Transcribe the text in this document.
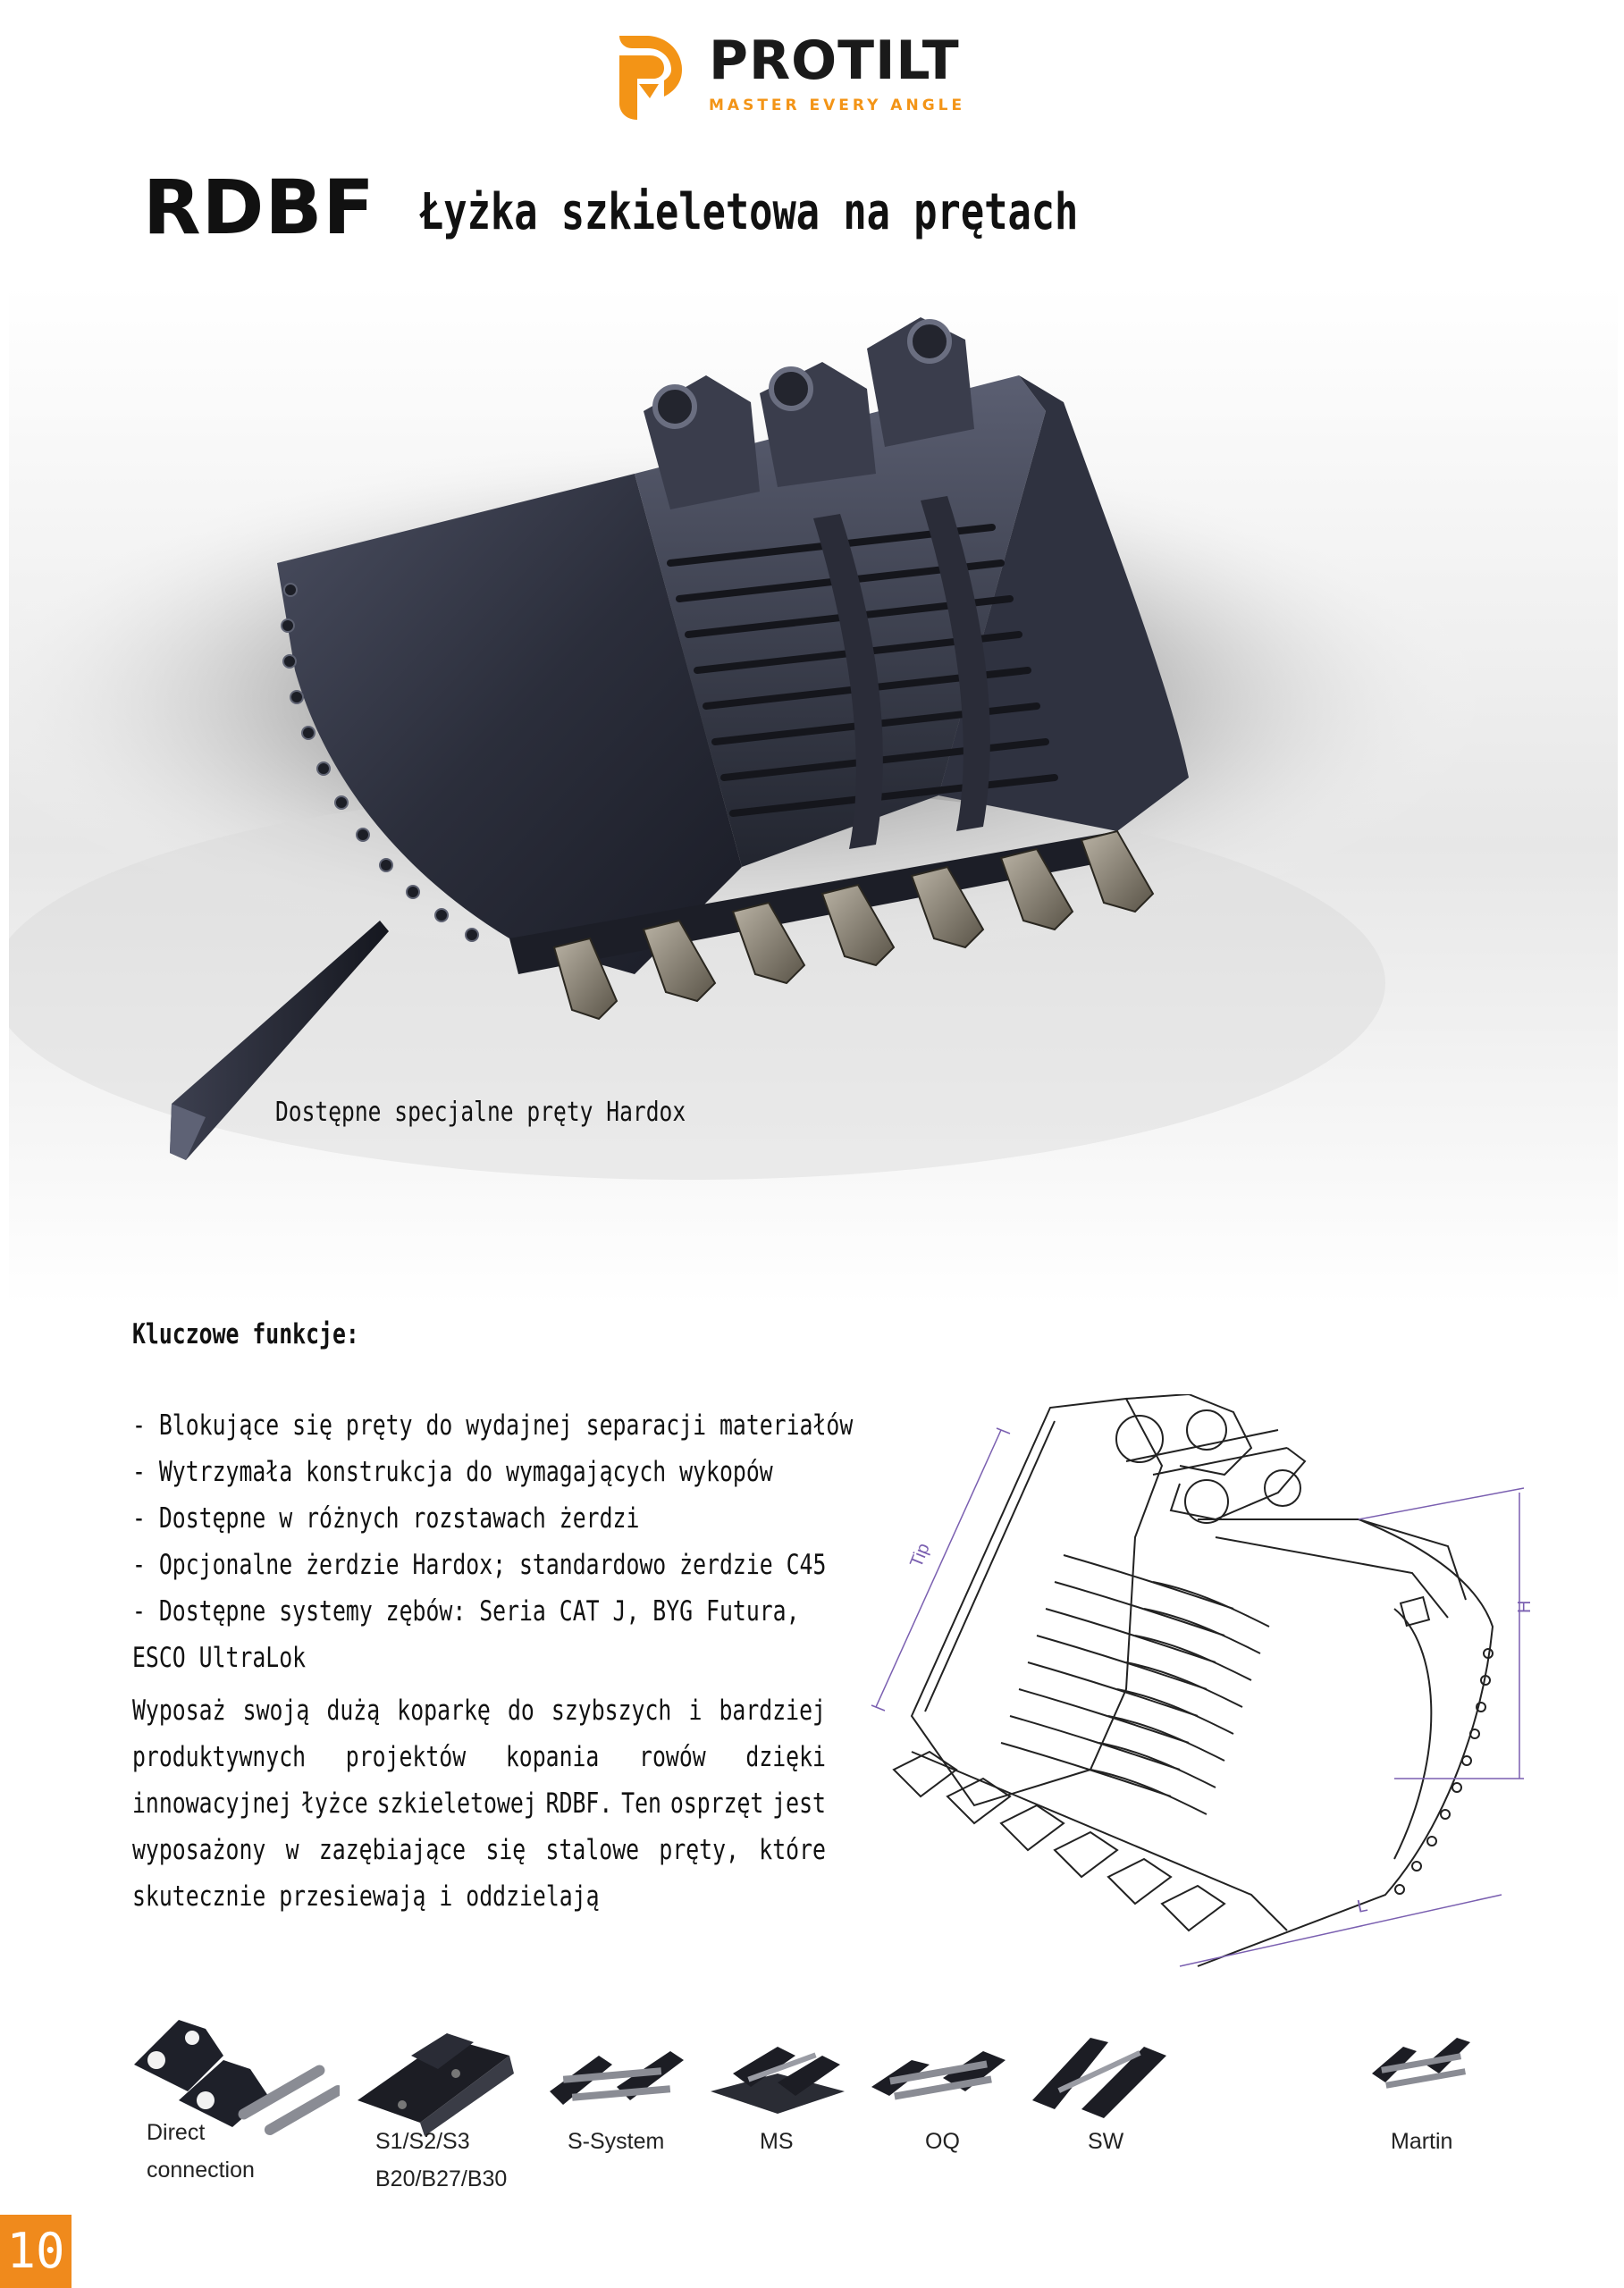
PROTILT
MASTER EVERY ANGLE
RDBF Łyżka szkieletowa na prętach
Dostępne specjalne pręty Hardox
Kluczowe funkcje:
- Blokujące się pręty do wydajnej separacji materiałów
- Wytrzymała konstrukcja do wymagających wykopów
- Dostępne w różnych rozstawach żerdzi
- Opcjonalne żerdzie Hardox; standardowo żerdzie C45
- Dostępne systemy zębów: Seria CAT J, BYG Futura,
ESCO UltraLok
Wyposaż swoją dużą koparkę do szybszych i bardziej
produktywnych projektów kopania rowów dzięki
innowacyjnej łyżce szkieletowej RDBF. Ten osprzęt jest
wyposażony w zazębiające się stalowe pręty, które
skutecznie przesiewają i oddzielają
Tip
H
L
Direct
connection
S1/S2/S3
B20/B27/B30
S-System	MS	OQ	SW	Martin
10
